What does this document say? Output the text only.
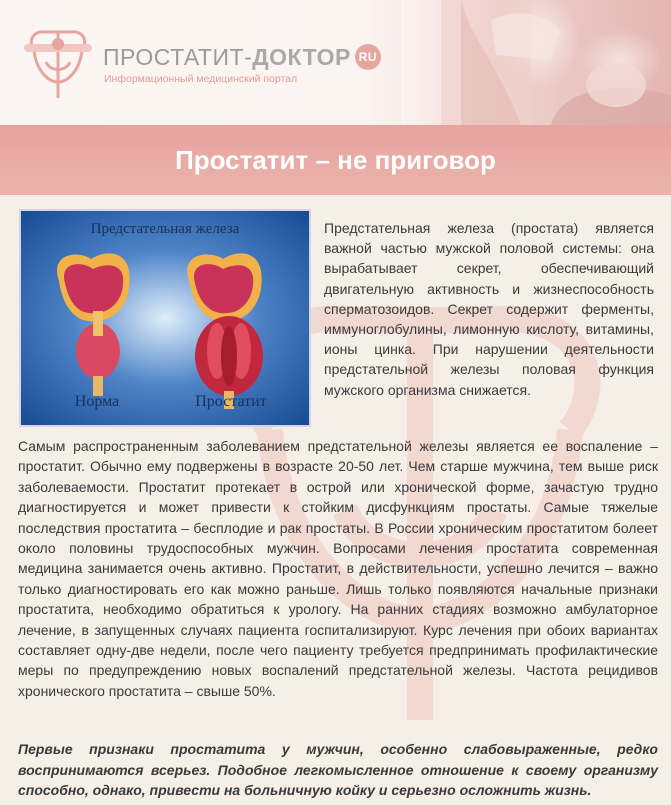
ПРОСТАТИТ- ДОКТОР RU
Информационный медицинский портал
Простатит – не приговор
Предстательная железа
Норма	Простатит

Предстательная железа (простата) является важной частью мужской половой системы: она вырабатывает секрет, обеспечивающий двигательную активность и жизнеспособность сперматозоидов. Секрет содержит ферменты, иммуноглобулины, лимонную кислоту, витамины, ионы цинка. При нарушении деятельности предстательной железы половая функция мужского организма снижается.

Самым распространенным заболеванием предстательной железы является ее воспаление – простатит. Обычно ему подвержены в возрасте 20-50 лет. Чем старше мужчина, тем выше риск заболеваемости. Простатит протекает в острой или хронической форме, зачастую трудно диагностируется и может привести к стойким дисфункциям простаты. Самые тяжелые последствия простатита – бесплодие и рак простаты. В России хроническим простатитом болеет около половины трудоспособных мужчин. Вопросами лечения простатита современная медицина занимается очень активно. Простатит, в действительности, успешно лечится – важно только диагностировать его как можно раньше. Лишь только появляются начальные признаки простатита, необходимо обратиться к урологу. На ранних стадиях возможно амбулаторное лечение, в запущенных случаях пациента госпитализируют. Курс лечения при обоих вариантах составляет одну-две недели, после чего пациенту требуется предпринимать профилактические меры по предупреждению новых воспалений предстательной железы. Частота рецидивов хронического простатита – свыше 50%.

Первые признаки простатита у мужчин, особенно слабовыраженные, редко воспринимаются всерьез. Подобное легкомысленное отношение к своему организму способно, однако, привести на больничную койку и серьезно осложнить жизнь.
